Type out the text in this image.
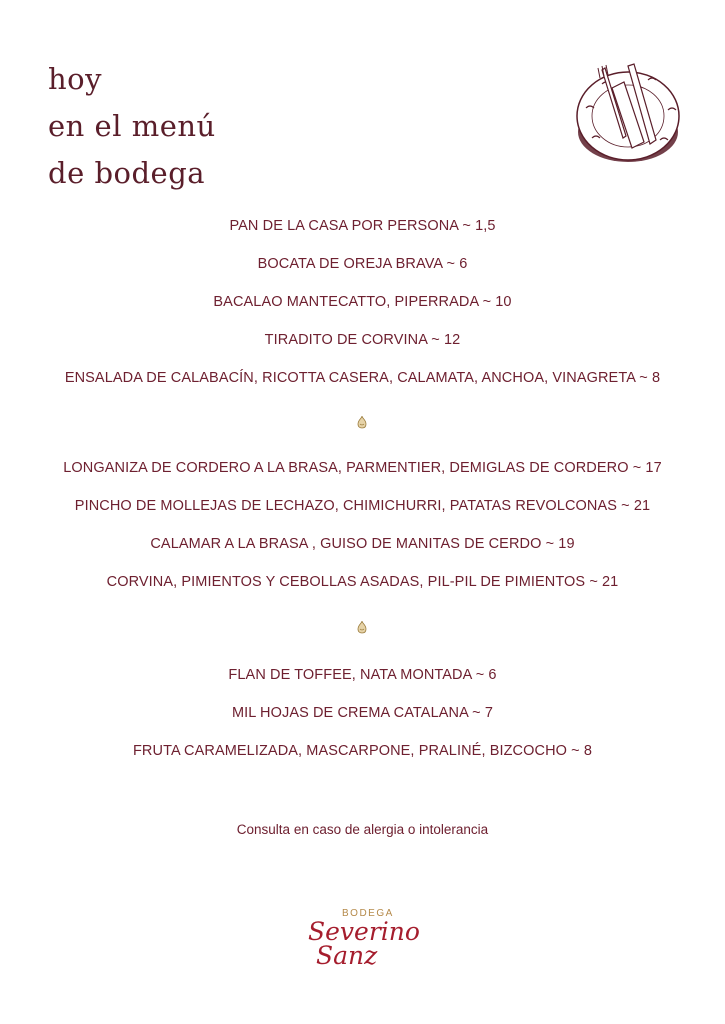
hoy
en el menú
de bodega
PAN DE LA CASA POR PERSONA ~ 1,5
BOCATA DE OREJA BRAVA ~ 6
BACALAO MANTECATTO, PIPERRADA ~ 10
TIRADITO DE CORVINA ~ 12
ENSALADA DE CALABACÍN, RICOTTA CASERA, CALAMATA, ANCHOA, VINAGRETA ~ 8
LONGANIZA DE CORDERO A LA BRASA, PARMENTIER, DEMIGLAS DE CORDERO ~ 17
PINCHO DE MOLLEJAS DE LECHAZO, CHIMICHURRI, PATATAS REVOLCONAS ~ 21
CALAMAR A LA BRASA , GUISO DE MANITAS DE CERDO ~ 19
CORVINA, PIMIENTOS Y CEBOLLAS ASADAS, PIL-PIL DE PIMIENTOS ~ 21
FLAN DE TOFFEE, NATA MONTADA ~ 6
MIL HOJAS DE CREMA CATALANA ~ 7
FRUTA CARAMELIZADA, MASCARPONE, PRALINÉ, BIZCOCHO ~ 8

Consulta en caso de alergia o intolerancia

BODEGA
Severino
Sanz
